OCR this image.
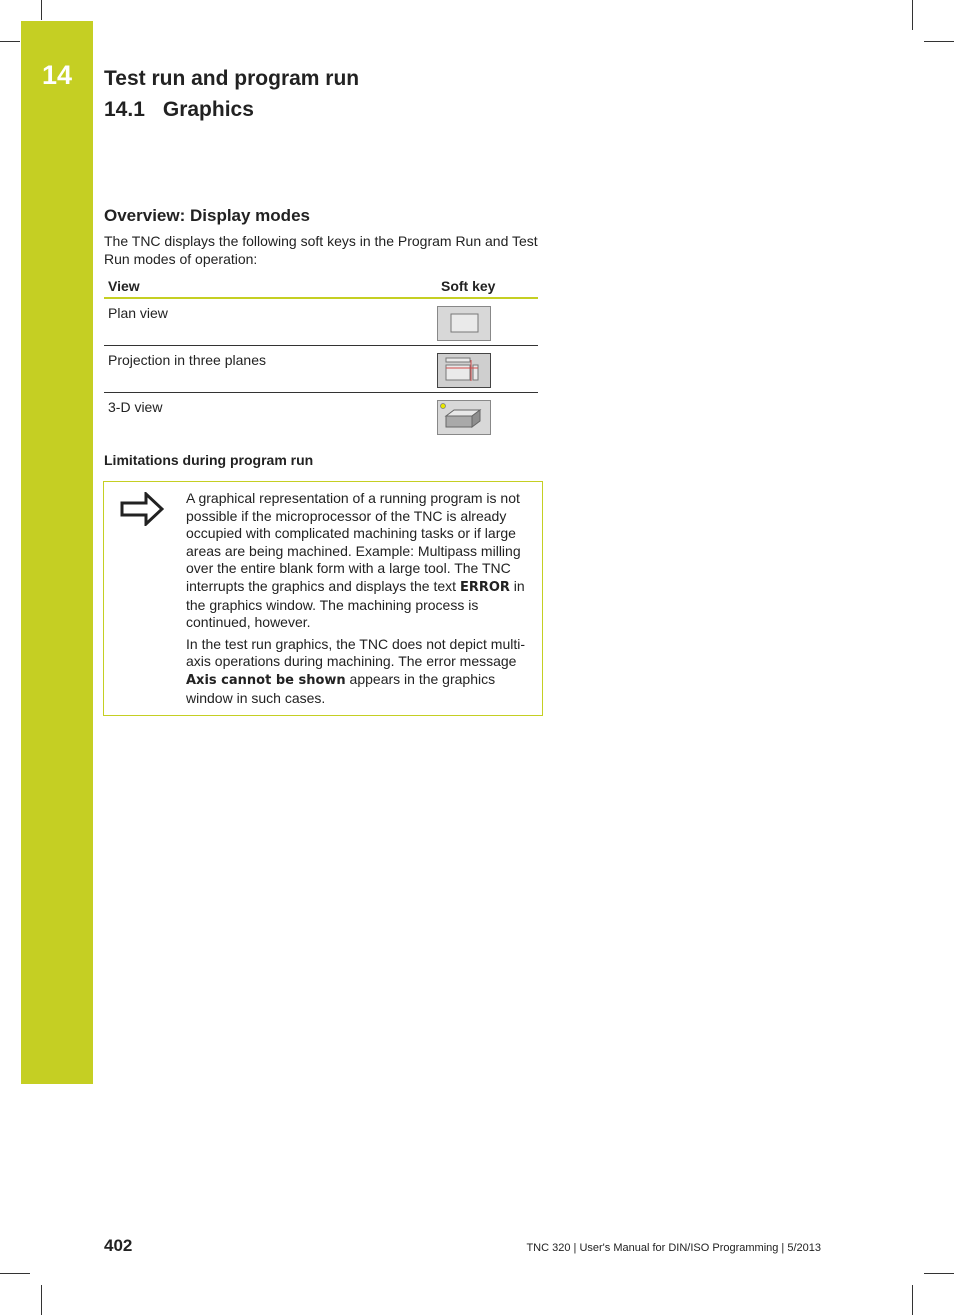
14	Test run and program run
14.1 Graphics
Overview: Display modes
The TNC displays the following soft keys in the Program Run and Test Run modes of operation:
View	Soft key
Plan view
Projection in three planes
3-D view
Limitations during program run

A graphical representation of a running program is not possible if the microprocessor of the TNC is already occupied with complicated machining tasks or if large areas are being machined. Example: Multipass milling over the entire blank form with a large tool. The TNC interrupts the graphics and displays the text ERROR in the graphics window. The machining process is continued, however.

In the test run graphics, the TNC does not depict multi-axis operations during machining. The error message Axis cannot be shown appears in the graphics window in such cases.

402	TNC 320 | User's Manual for DIN/ISO Programming | 5/2013
